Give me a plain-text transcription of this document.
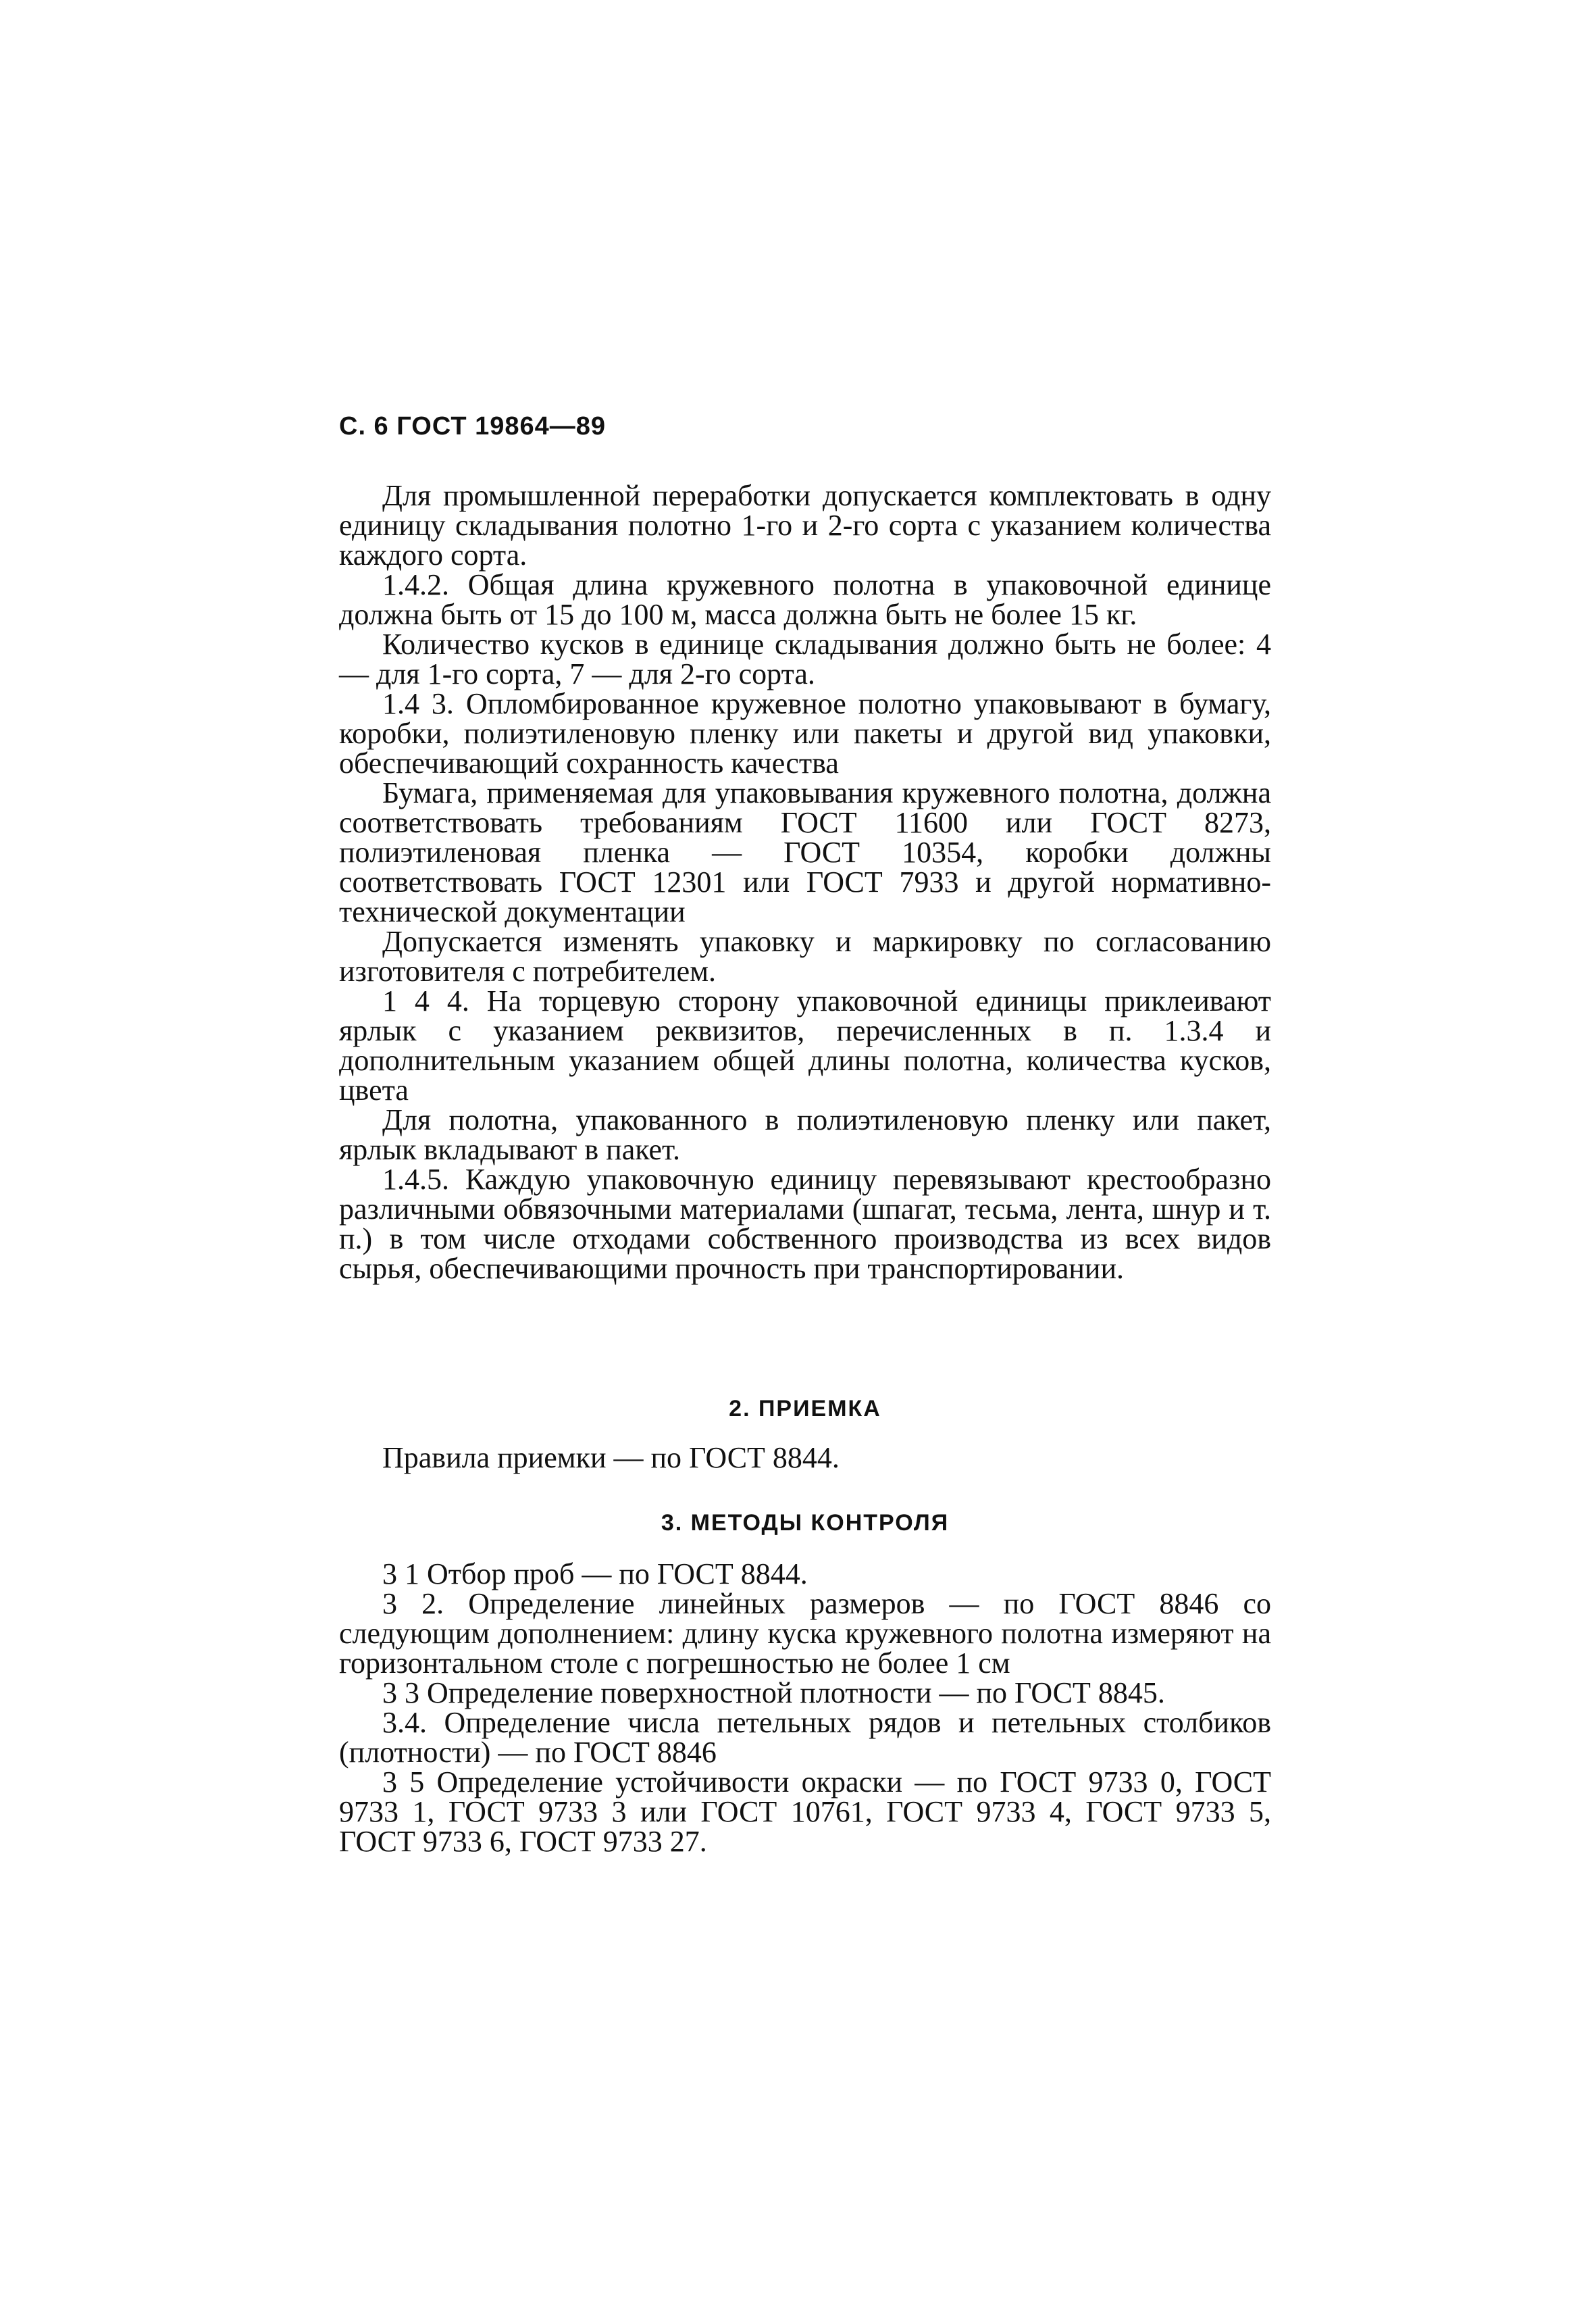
С. 6 ГОСТ 19864—89

Для промышленной переработки допускается комплектовать в одну единицу складывания полотно 1-го и 2-го сорта с указанием количества каждого сорта.

1.4.2. Общая длина кружевного полотна в упаковочной единице должна быть от 15 до 100 м, масса должна быть не более 15 кг.

Количество кусков в единице складывания должно быть не более: 4— для 1-го сорта, 7 — для 2-го сорта.

1.4 3. Опломбированное кружевное полотно упаковывают в бумагу, коробки, полиэтиленовую пленку или пакеты и другой вид упаковки, обеспечивающий сохранность качества

Бумага, применяемая для упаковывания кружевного полотна, должна соответствовать требованиям ГОСТ 11600 или ГОСТ 8273, полиэтиленовая пленка — ГОСТ 10354, коробки должны соответствовать ГОСТ 12301 или ГОСТ 7933 и другой нормативно-технической документации

Допускается изменять упаковку и маркировку по согласованию изготовителя с потребителем.

1 4 4. На торцевую сторону упаковочной единицы приклеивают ярлык с указанием реквизитов, перечисленных в п. 1.3.4 и дополнительным указанием общей длины полотна, количества кусков, цвета

Для полотна, упакованного в полиэтиленовую пленку или пакет, ярлык вкладывают в пакет.

1.4.5. Каждую упаковочную единицу перевязывают крестообразно различными обвязочными материалами (шпагат, тесьма, лента, шнур и т. п.) в том числе отходами собственного производства из всех видов сырья, обеспечивающими прочность при транспортировании.

2. ПРИЕМКА

Правила приемки — по ГОСТ 8844.

3. МЕТОДЫ КОНТРОЛЯ

3 1 Отбор проб — по ГОСТ 8844.

3 2. Определение линейных размеров — по ГОСТ 8846 со следующим дополнением: длину куска кружевного полотна измеряют на горизонтальном столе с погрешностью не более 1 см

3 3 Определение поверхностной плотности — по ГОСТ 8845.

3.4. Определение числа петельных рядов и петельных столбиков (плотности) — по ГОСТ 8846

3 5 Определение устойчивости окраски — по ГОСТ 9733 0, ГОСТ 9733 1, ГОСТ 9733 3 или ГОСТ 10761, ГОСТ 9733 4, ГОСТ 9733 5, ГОСТ 9733 6, ГОСТ 9733 27.
